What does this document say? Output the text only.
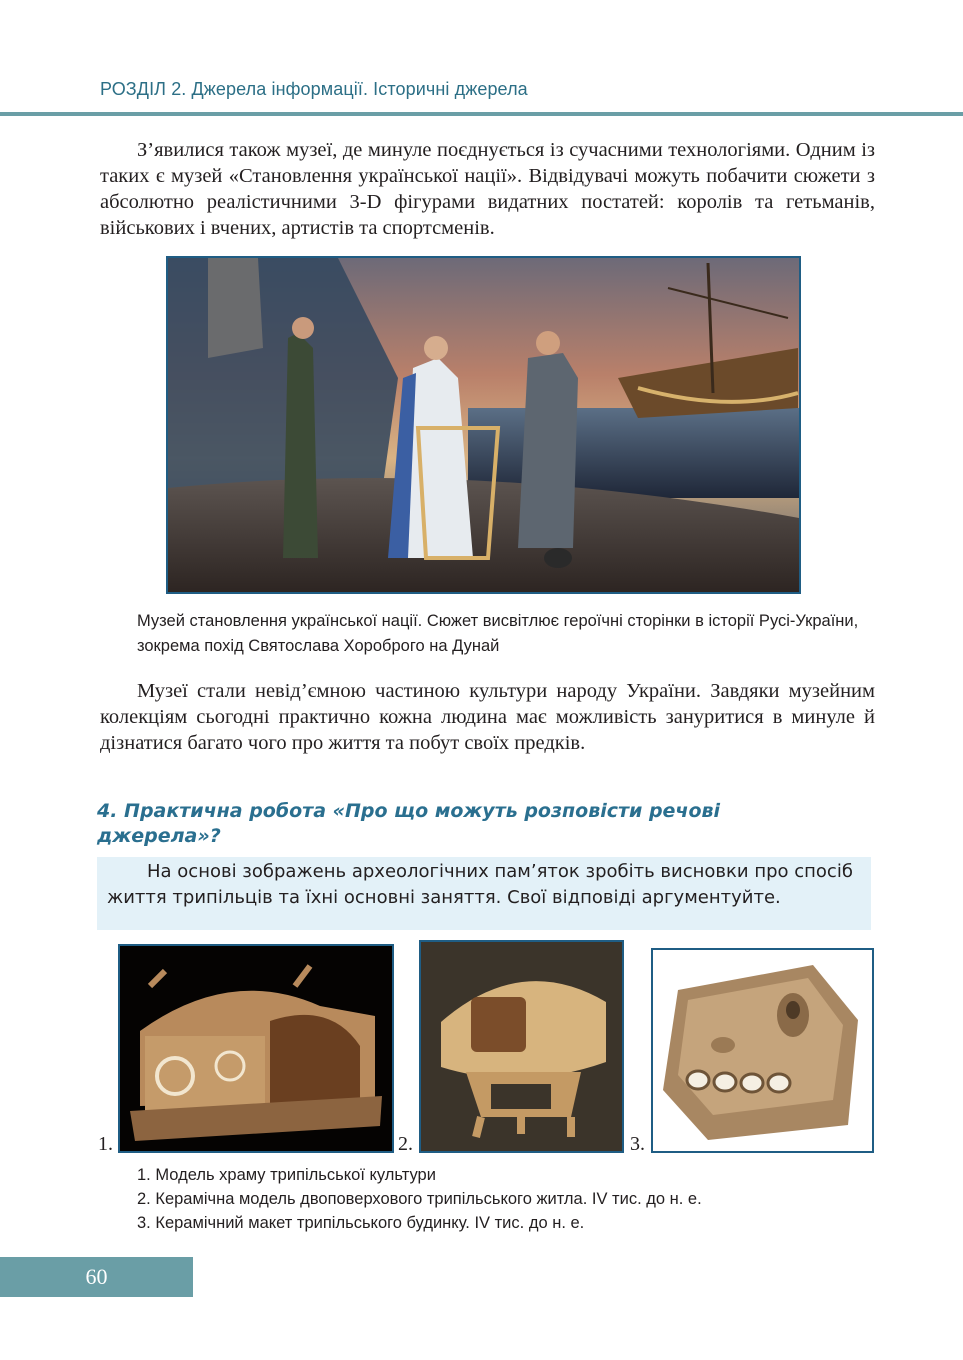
РОЗДІЛ 2. Джерела інформації. Історичні джерела

З’явилися також музеї, де минуле поєднується із сучасними технологіями. Одним із таких є музей «Становлення української нації». Відвідувачі можуть побачити сюжети з абсолютно реалістичними 3-D фігурами видатних постатей: королів та гетьманів, військових і вчених, артистів та спортсменів.

Музей становлення української нації. Сюжет висвітлює героїчні сторінки в історії Русі-України, зокрема похід Святослава Хороброго на Дунай

Музеї стали невід’ємною частиною культури народу України. Завдяки музейним колекціям сьогодні практично кожна людина має можливість зануритися в минуле й дізнатися багато чого про життя та побут своїх предків.

4. Практична робота «Про що можуть розповісти речові джерела»?

На основі зображень археологічних пам’яток зробіть висновки про спосіб життя трипільців та їхні основні заняття. Свої відповіді аргументуйте.

1.	2.	3.
1. Модель храму трипільської культури
2. Керамічна модель двоповерхового трипільського житла. IV тис. до н. е.
3. Керамічний макет трипільського будинку. IV тис. до н. е.
60
